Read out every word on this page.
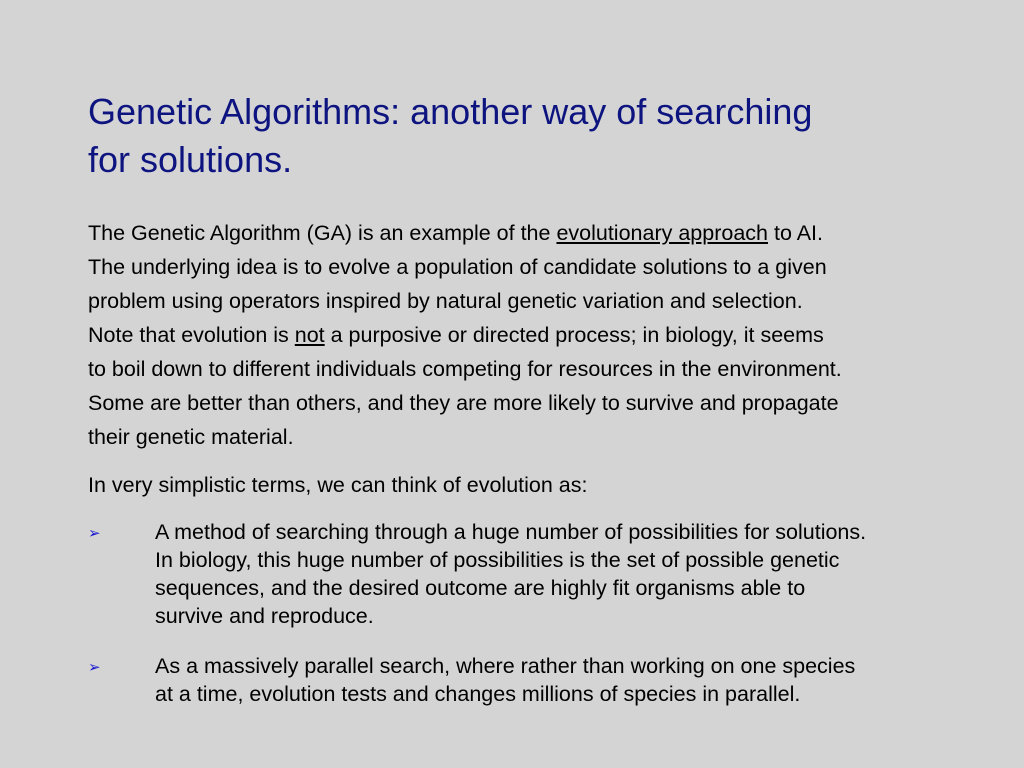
Genetic Algorithms: another way of searching
for solutions.
The Genetic Algorithm (GA) is an example of the evolutionary approach to AI.
The underlying idea is to evolve a population of candidate solutions to a given
problem using operators inspired by natural genetic variation and selection.
Note that evolution is not a purposive or directed process; in biology, it seems
to boil down to different individuals competing for resources in the environment.
Some are better than others, and they are more likely to survive and propagate
their genetic material.
In very simplistic terms, we can think of evolution as:
➢	A method of searching through a huge number of possibilities for solutions.
In biology, this huge number of possibilities is the set of possible genetic
sequences, and the desired outcome are highly fit organisms able to
survive and reproduce.
➢	As a massively parallel search, where rather than working on one species
at a time, evolution tests and changes millions of species in parallel.
